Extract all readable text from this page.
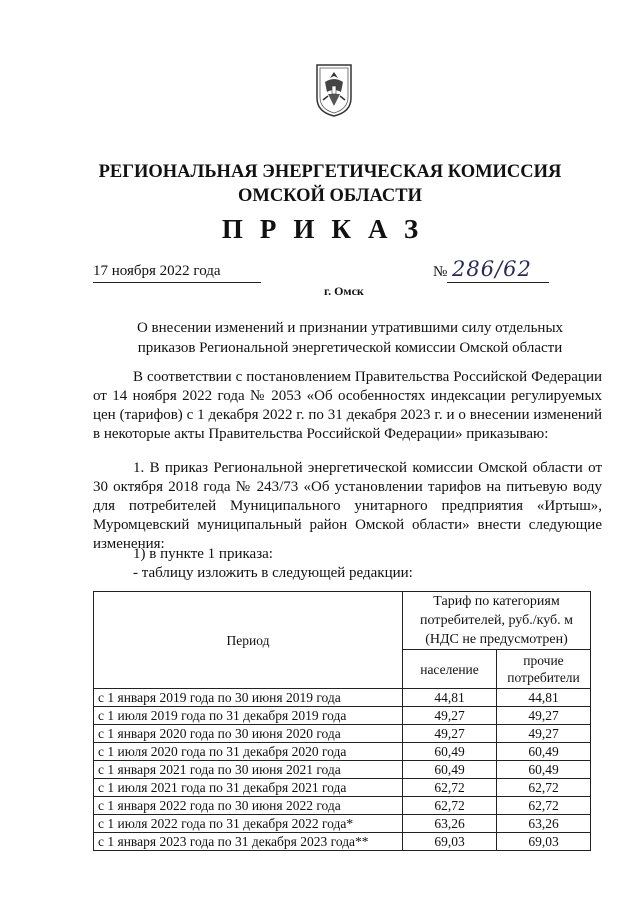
РЕГИОНАЛЬНАЯ ЭНЕРГЕТИЧЕСКАЯ КОМИССИЯ
ОМСКОЙ ОБЛАСТИ
ПРИКАЗ
17 ноября 2022 года	№ 286/62
г. Омск
О внесении изменений и признании утратившими силу отдельных
приказов Региональной энергетической комиссии Омской области
В соответствии с постановлением Правительства Российской Федерации от 14 ноября 2022 года № 2053 «Об особенностях индексации регулируемых цен (тарифов) с 1 декабря 2022 г. по 31 декабря 2023 г. и о внесении изменений в некоторые акты Правительства Российской Федерации» приказываю:
1. В приказ Региональной энергетической комиссии Омской области от 30 октября 2018 года № 243/73 «Об установлении тарифов на питьевую воду для потребителей Муниципального унитарного предприятия «Иртыш», Муромцевский муниципальный район Омской области» внести следующие изменения:
1) в пункте 1 приказа:
- таблицу изложить в следующей редакции:
Период	Тариф по категориям потребителей, руб./куб. м (НДС не предусмотрен)	
	население	прочие потребители
с 1 января 2019 года по 30 июня 2019 года	44,81	44,81
с 1 июля 2019 года по 31 декабря 2019 года	49,27	49,27
с 1 января 2020 года по 30 июня 2020 года	49,27	49,27
с 1 июля 2020 года по 31 декабря 2020 года	60,49	60,49
с 1 января 2021 года по 30 июня 2021 года	60,49	60,49
с 1 июля 2021 года по 31 декабря 2021 года	62,72	62,72
с 1 января 2022 года по 30 июня 2022 года	62,72	62,72
с 1 июля 2022 года по 31 декабря 2022 года*	63,26	63,26
с 1 января 2023 года по 31 декабря 2023 года**	69,03	69,03
